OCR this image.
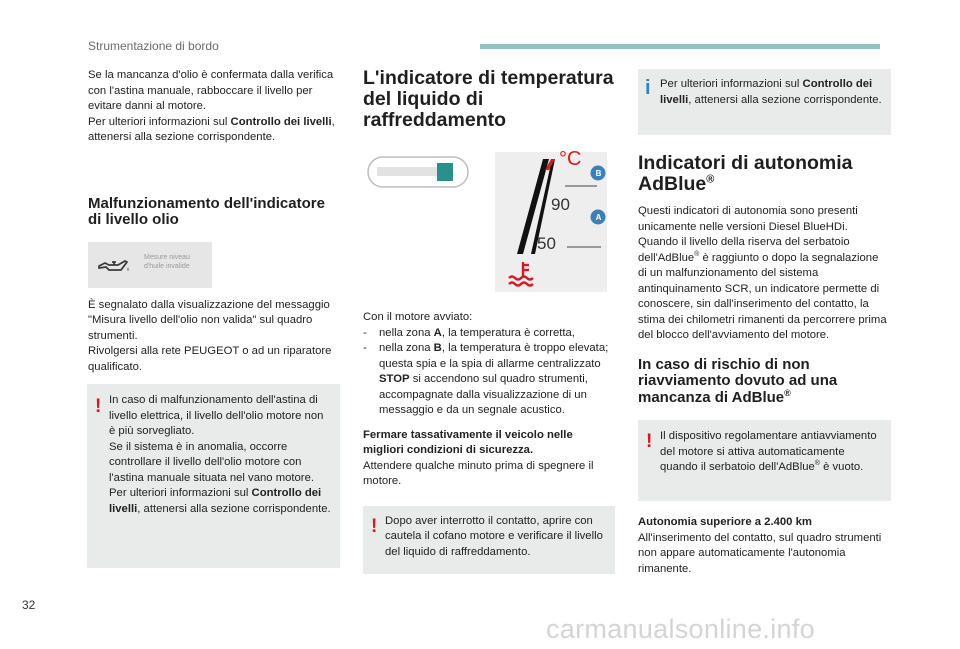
Strumentazione di bordo

Se la mancanza d'olio è confermata dalla verifica con l'astina manuale, rabboccare il livello per evitare danni al motore.

Per ulteriori informazioni sul Controllo dei livelli, attenersi alla sezione corrispondente.

Malfunzionamento dell'indicatore di livello olio
Mesure niveau
d'huile invalide

È segnalato dalla visualizzazione del messaggio "Misura livello dell'olio non valida" sul quadro strumenti.

Rivolgersi alla rete PEUGEOT o ad un riparatore qualificato.

! In caso di malfunzionamento dell'astina di livello elettrica, il livello dell'olio motore non è più sorvegliato.

Se il sistema è in anomalia, occorre controllare il livello dell'olio motore con l'astina manuale situata nel vano motore.

Per ulteriori informazioni sul Controllo dei livelli, attenersi alla sezione corrispondente.

L'indicatore di temperatura del liquido di raffreddamento
°C
90
50
B
A

Con il motore avviato:

- nella zona A, la temperatura è corretta,
- nella zona B, la temperatura è troppo elevata; questa spia e la spia di allarme centralizzato STOP si accendono sul quadro strumenti, accompagnate dalla visualizzazione di un messaggio e da un segnale acustico.

Fermare tassativamente il veicolo nelle migliori condizioni di sicurezza.

Attendere qualche minuto prima di spegnere il motore.

! Dopo aver interrotto il contatto, aprire con cautela il cofano motore e verificare il livello del liquido di raffreddamento.
i Per ulteriori informazioni sul Controllo dei livelli, attenersi alla sezione corrispondente.
Indicatori di autonomia AdBlue®

Questi indicatori di autonomia sono presenti unicamente nelle versioni Diesel BlueHDi. Quando il livello della riserva del serbatoio dell'AdBlue® è raggiunto o dopo la segnalazione di un malfunzionamento del sistema antinquinamento SCR, un indicatore permette di conoscere, sin dall'inserimento del contatto, la stima dei chilometri rimanenti da percorrere prima del blocco dell'avviamento del motore.

In caso di rischio di non riavviamento dovuto ad una mancanza di AdBlue®
! Il dispositivo regolamentare antiavviamento del motore si attiva automaticamente quando il serbatoio dell'AdBlue® è vuoto.

Autonomia superiore a 2.400 km

All'inserimento del contatto, sul quadro strumenti non appare automaticamente l'autonomia rimanente.

32
carmanualsonline.info
